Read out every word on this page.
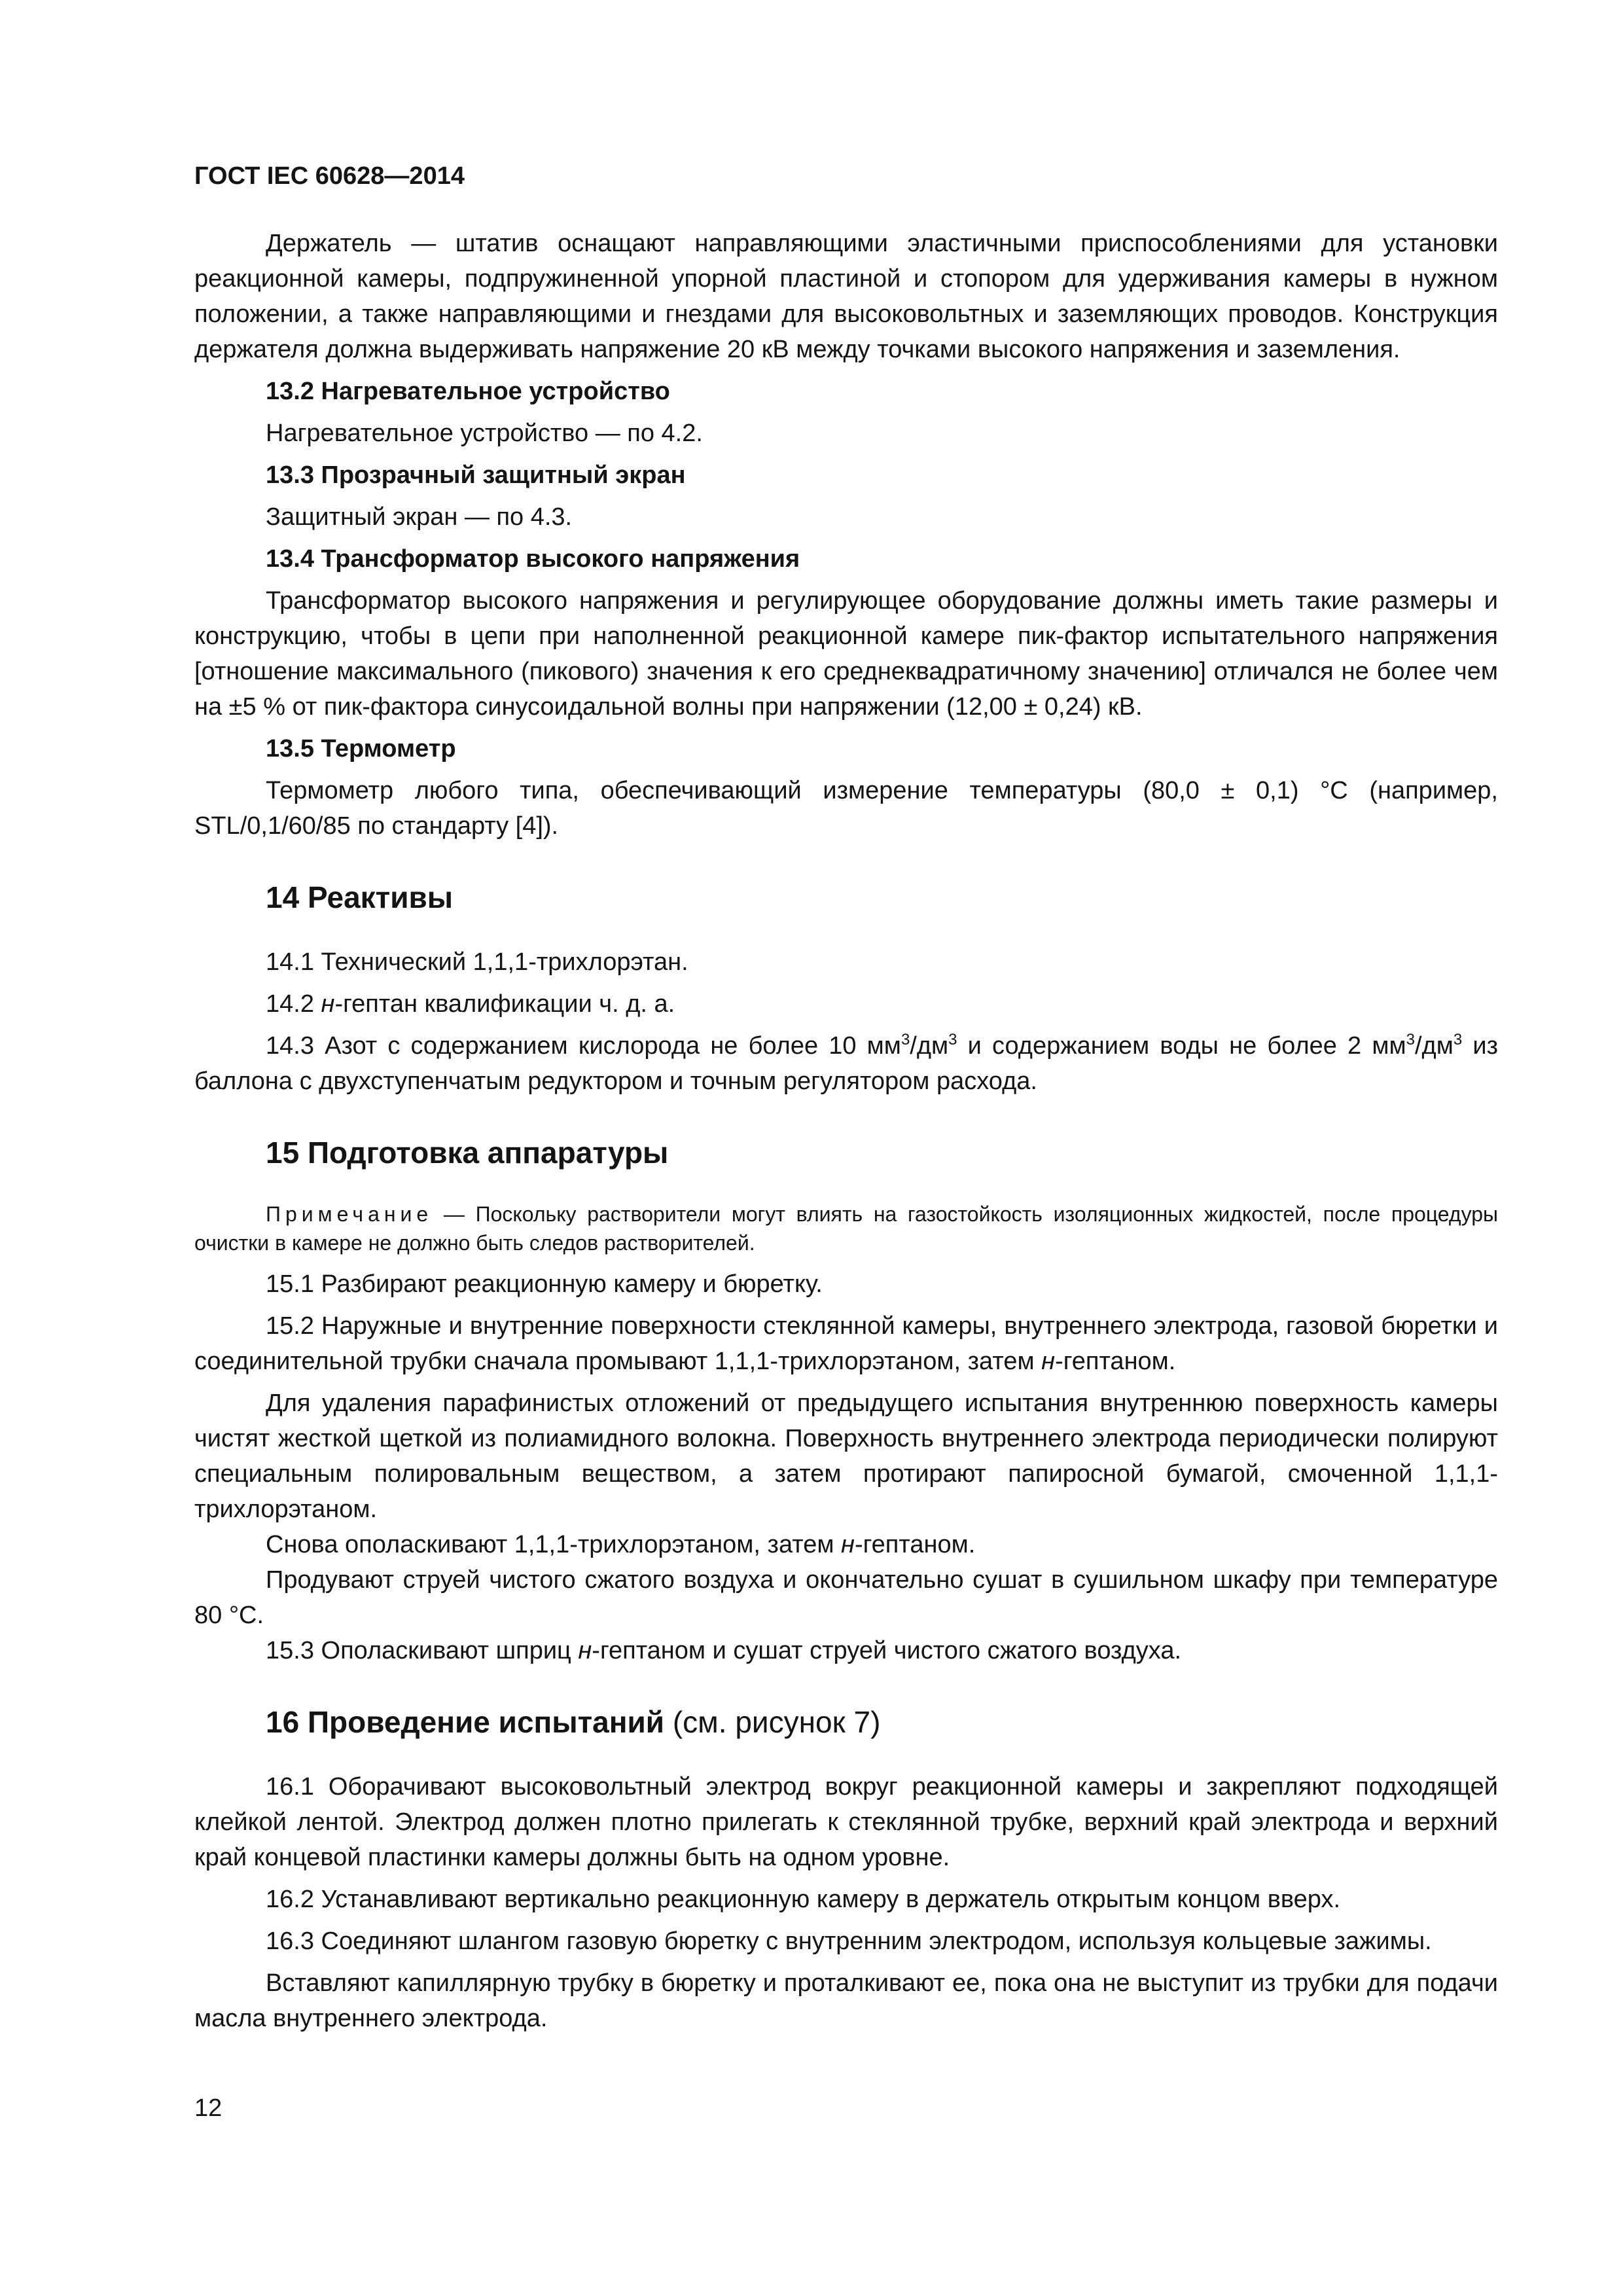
ГОСТ IEC 60628—2014

Держатель — штатив оснащают направляющими эластичными приспособлениями для установки реакционной камеры, подпружиненной упорной пластиной и стопором для удерживания камеры в нужном положении, а также направляющими и гнездами для высоковольтных и заземляющих проводов. Конструкция держателя должна выдерживать напряжение 20 кВ между точками высокого напряжения и заземления.

13.2 Нагревательное устройство

Нагревательное устройство — по 4.2.

13.3 Прозрачный защитный экран

Защитный экран — по 4.3.

13.4 Трансформатор высокого напряжения

Трансформатор высокого напряжения и регулирующее оборудование должны иметь такие размеры и конструкцию, чтобы в цепи при наполненной реакционной камере пик-фактор испытательного напряжения [отношение максимального (пикового) значения к его среднеквадратичному значению] отличался не более чем на ±5 % от пик-фактора синусоидальной волны при напряжении (12,00 ± 0,24) кВ.

13.5 Термометр

Термометр любого типа, обеспечивающий измерение температуры (80,0 ± 0,1) °С (например, STL/0,1/60/85 по стандарту [4]).

14 Реактивы

14.1 Технический 1,1,1-трихлорэтан.

14.2 н-гептан квалификации ч. д. а.

14.3 Азот с содержанием кислорода не более 10 $мм^3/дм^3$ и содержанием воды не более 2 $мм^3/дм^3$ из баллона с двухступенчатым редуктором и точным регулятором расхода.

15 Подготовка аппаратуры

Примечание — Поскольку растворители могут влиять на газостойкость изоляционных жидкостей, после процедуры очистки в камере не должно быть следов растворителей.

15.1 Разбирают реакционную камеру и бюретку.

15.2 Наружные и внутренние поверхности стеклянной камеры, внутреннего электрода, газовой бюретки и соединительной трубки сначала промывают 1,1,1-трихлорэтаном, затем н-гептаном.

Для удаления парафинистых отложений от предыдущего испытания внутреннюю поверхность камеры чистят жесткой щеткой из полиамидного волокна. Поверхность внутреннего электрода периодически полируют специальным полировальным веществом, а затем протирают папиросной бумагой, смоченной 1,1,1-трихлорэтаном.

Снова ополаскивают 1,1,1-трихлорэтаном, затем н-гептаном.

Продувают струей чистого сжатого воздуха и окончательно сушат в сушильном шкафу при температуре 80 °С.

15.3 Ополаскивают шприц н-гептаном и сушат струей чистого сжатого воздуха.

16 Проведение испытаний (см. рисунок 7)

16.1 Оборачивают высоковольтный электрод вокруг реакционной камеры и закрепляют подходящей клейкой лентой. Электрод должен плотно прилегать к стеклянной трубке, верхний край электрода и верхний край концевой пластинки камеры должны быть на одном уровне.

16.2 Устанавливают вертикально реакционную камеру в держатель открытым концом вверх.

16.3 Соединяют шлангом газовую бюретку с внутренним электродом, используя кольцевые зажимы.

Вставляют капиллярную трубку в бюретку и проталкивают ее, пока она не выступит из трубки для подачи масла внутреннего электрода.

12
